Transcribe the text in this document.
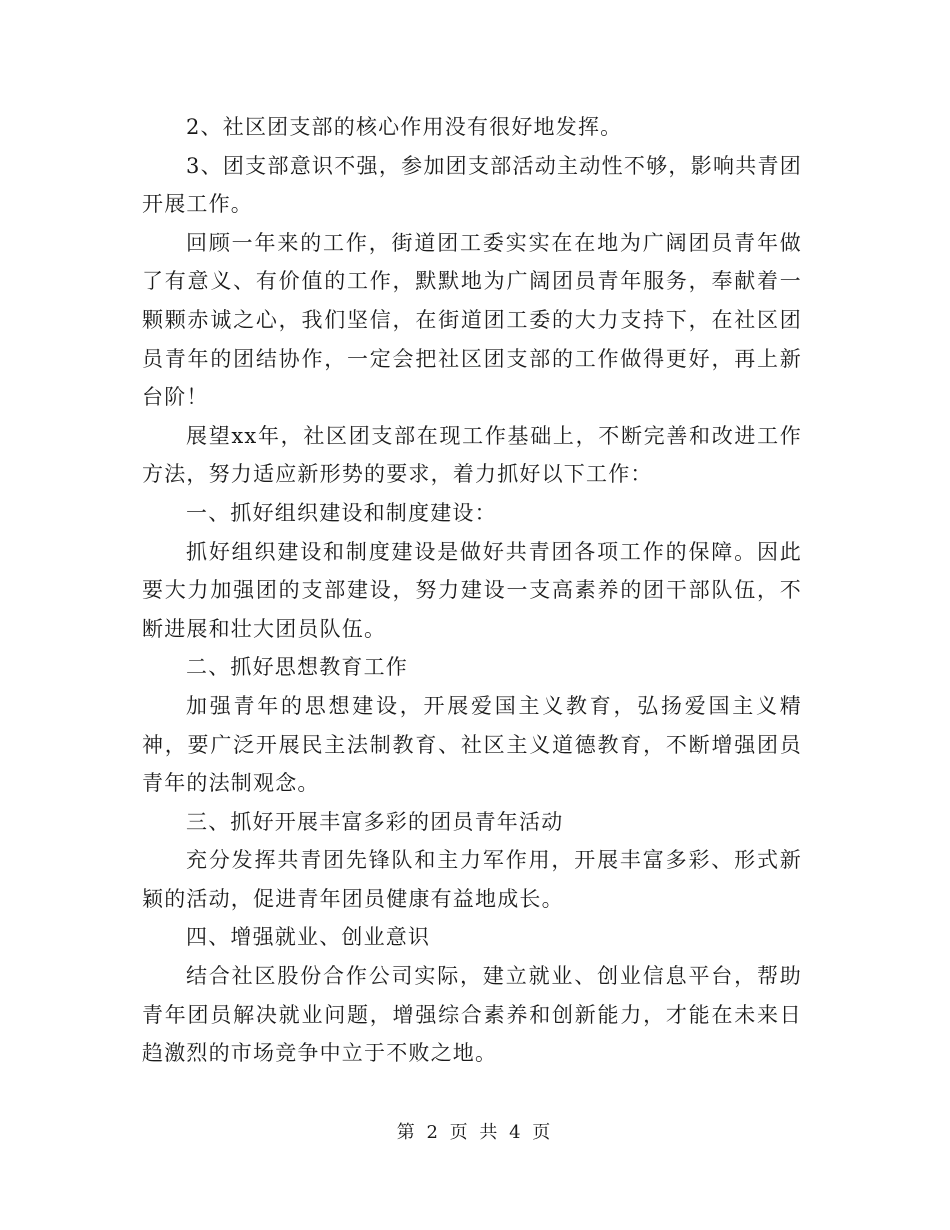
2、社区团支部的核心作用没有很好地发挥。

3、团支部意识不强，参加团支部活动主动性不够，影响共青团开展工作。

回顾一年来的工作，街道团工委实实在在地为广阔团员青年做了有意义、有价值的工作，默默地为广阔团员青年服务，奉献着一颗颗赤诚之心，我们坚信，在街道团工委的大力支持下，在社区团员青年的团结协作，一定会把社区团支部的工作做得更好，再上新台阶！

展望xx年，社区团支部在现工作基础上，不断完善和改进工作方法，努力适应新形势的要求，着力抓好以下工作：

一、抓好组织建设和制度建设：

抓好组织建设和制度建设是做好共青团各项工作的保障。因此要大力加强团的支部建设，努力建设一支高素养的团干部队伍，不断进展和壮大团员队伍。

二、抓好思想教育工作

加强青年的思想建设，开展爱国主义教育，弘扬爱国主义精神，要广泛开展民主法制教育、社区主义道德教育，不断增强团员青年的法制观念。

三、抓好开展丰富多彩的团员青年活动

充分发挥共青团先锋队和主力军作用，开展丰富多彩、形式新颖的活动，促进青年团员健康有益地成长。

四、增强就业、创业意识

结合社区股份合作公司实际，建立就业、创业信息平台，帮助青年团员解决就业问题，增强综合素养和创新能力，才能在未来日趋激烈的市场竞争中立于不败之地。

第 2 页 共 4 页
